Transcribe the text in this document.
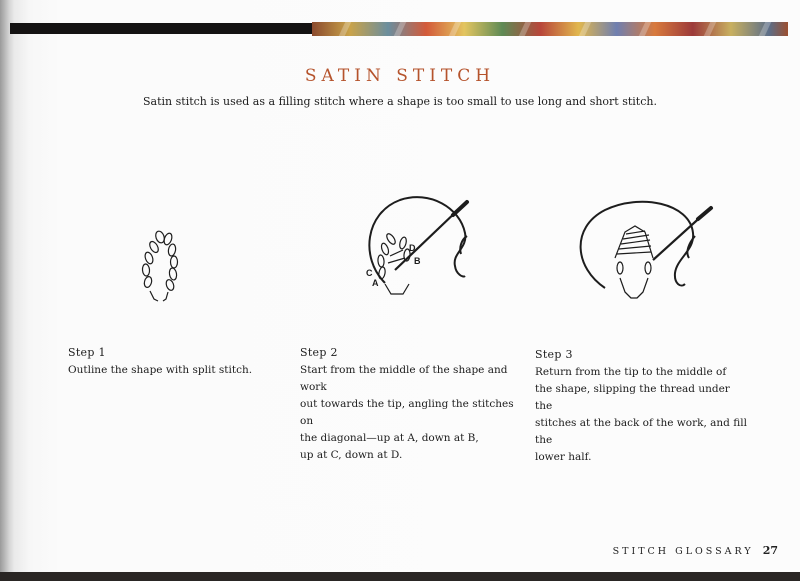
SATIN STITCH
Satin stitch is used as a filling stitch where a shape is too small to use long and short stitch.
A
C
B
D
Step 1
Outline the shape with split stitch.
Step 2
Start from the middle of the shape and work
out towards the tip, angling the stitches on
the diagonal—up at A, down at B,
up at C, down at D.
Step 3
Return from the tip to the middle of
the shape, slipping the thread under the
stitches at the back of the work, and fill the
lower half.
STITCH GLOSSARY 27
